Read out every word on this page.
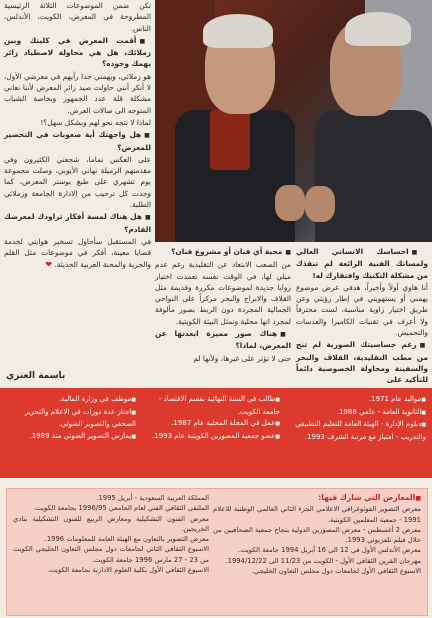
تكن ضمن الموضوعات الثلاثة الرئيسية المطروحة في المعرض، الكويت، الأندلس، الناس.

■ أقمت المعرض في كليتك وبين زملائك، هل هي محاولة لاصطياد زائر يهمك وجوده؟

هو زملائي، ويهمني جدا رأيهم في معرضي الأول، لا أنكر أنني حاولت صيد زائر المعرض لأننا نعاني مشكلة قلة عدد الجمهور وبخاصة الشباب المتوجه الى صالات العرض.

لماذا لا تتجه نحو لهم وبشكل سهل؟!

■ هل واجهتك أية صعوبات في التحضير للمعرض؟

على العكس تماما، شجعني الكثيرون وفي مقدمتهم الزميلة تهاني الأيوبي، وصلت مجموعة يوم تشهري على طبع بوستر المعرض، كما وجدت كل ترحيب من الادارة الجامعة وزملائي الطلبة.

■ هل هناك لمسة أفكار تراودك لمعرضك القادم؟

في المستقبل سأحاول تسخير هوايتي لخدمة قضايا معينة، أفكر في موضوعات مثل القلم والحرية والمحنة العربية الحديثة. ❤

باسمة العنزي

■ محبة أي فنان أو مشروع فنان؟

من الصعب الابتعاد عن التقليدية رغم عدم ميلي لها، في الوقت نفسه تعمدت اختيار زوايا جديدة لموضوعات مكررة وقديمة مثل القلاف والابراج والبحر مركزاً على النواحي الجمالية المجردة دون الربط بصور مألوفة لمجرد انها محلية وتمثل البيئة الكويتية.

■ هناك صور مميزة ابعدتها عن المعرض، لماذا؟

حتى لا تؤثر على غيرها، ولأنها لم

■ احساسك الانساني العالي ولمساتك الفنية الرائعة لم تنقذك من مشكلة التكنيك وافتقارك له!

أنا هاوي أولاً وأخيراً، هدفي عرض موضوع يهمني أو يستهويني في إطار رؤيتي وعن طريق اختيار زاوية مناسبة، لست محترفاً ولا أعرف في تقنيات الكاميرا والعدسات والتحميض.

■ رغم حساسيتك الصورية لم تنج من مطب التقليدية، القلاف والبحر والسفينة ومحاولة الخصوصية دائماً للتأكيد على

■ مواليد عام 1971.
■ الثانوية العامة - علمي 1988.
■ دبلوم الإدارة - الهيئة العامة للتعليم التطبيقي والتدريب - امتياز مع مرتبة الشرف 1993.
■ طالب في السنة النهائية بقسم الاقتصاد - جامعة الكويت.
■ عمل في المجلة المحلية عام 1987.
■ عضو جمعية المصورين الكويتية عام 1993.
■ موظف في وزارة المالية.
■ اجتاز عدة دورات في الاعلام والتحرير الصحفي والتصوير الضوئي.
■ يمارس التصوير الضوئي منذ 1989.
■ المعارض التي شارك فيها:
معرض التصوير الفوتوغرافي الاعلامي الجزء الثاني العالمي الوطنية للاعلام 1991 - جمعية المعلمين الكويتية.
معرض 2 أغسطس - معرض المصورين الدولية بنجاح جمعية الصحافيين من خلال فيلم تلفزيوني 1993.
معرض الأندلس الأول في 12 الى 16 أبريل 1994 جامعة الكويت.
مهرجان القرين الثقافي الأول - الكويت من 11/23 الى 1994/12/22.
الاسبوع الثقافي الأول لجامعات دول مجلس التعاون الخليجي.
المملكة العربية السعودية - أبريل 1995.
الملتقى الثقافي الفني لعام الجامعي 1996/95 بجامعة الكويت.
معرض الفنون التشكيلية ومعارض الربيع للفنون التشكيلية بنادي الخريجين.
معرض التصوير بالتعاون مع الهيئة العامة للمعلومات 1996.
الاسبوع الثقافي الثاني لجامعات دول مجلس التعاون الخليجي الكويت من 23 - 27 مارس 1996 جامعة الكويت.
الاسبوع الثقافي الأول بكلية العلوم الادارية بجامعة الكويت.
